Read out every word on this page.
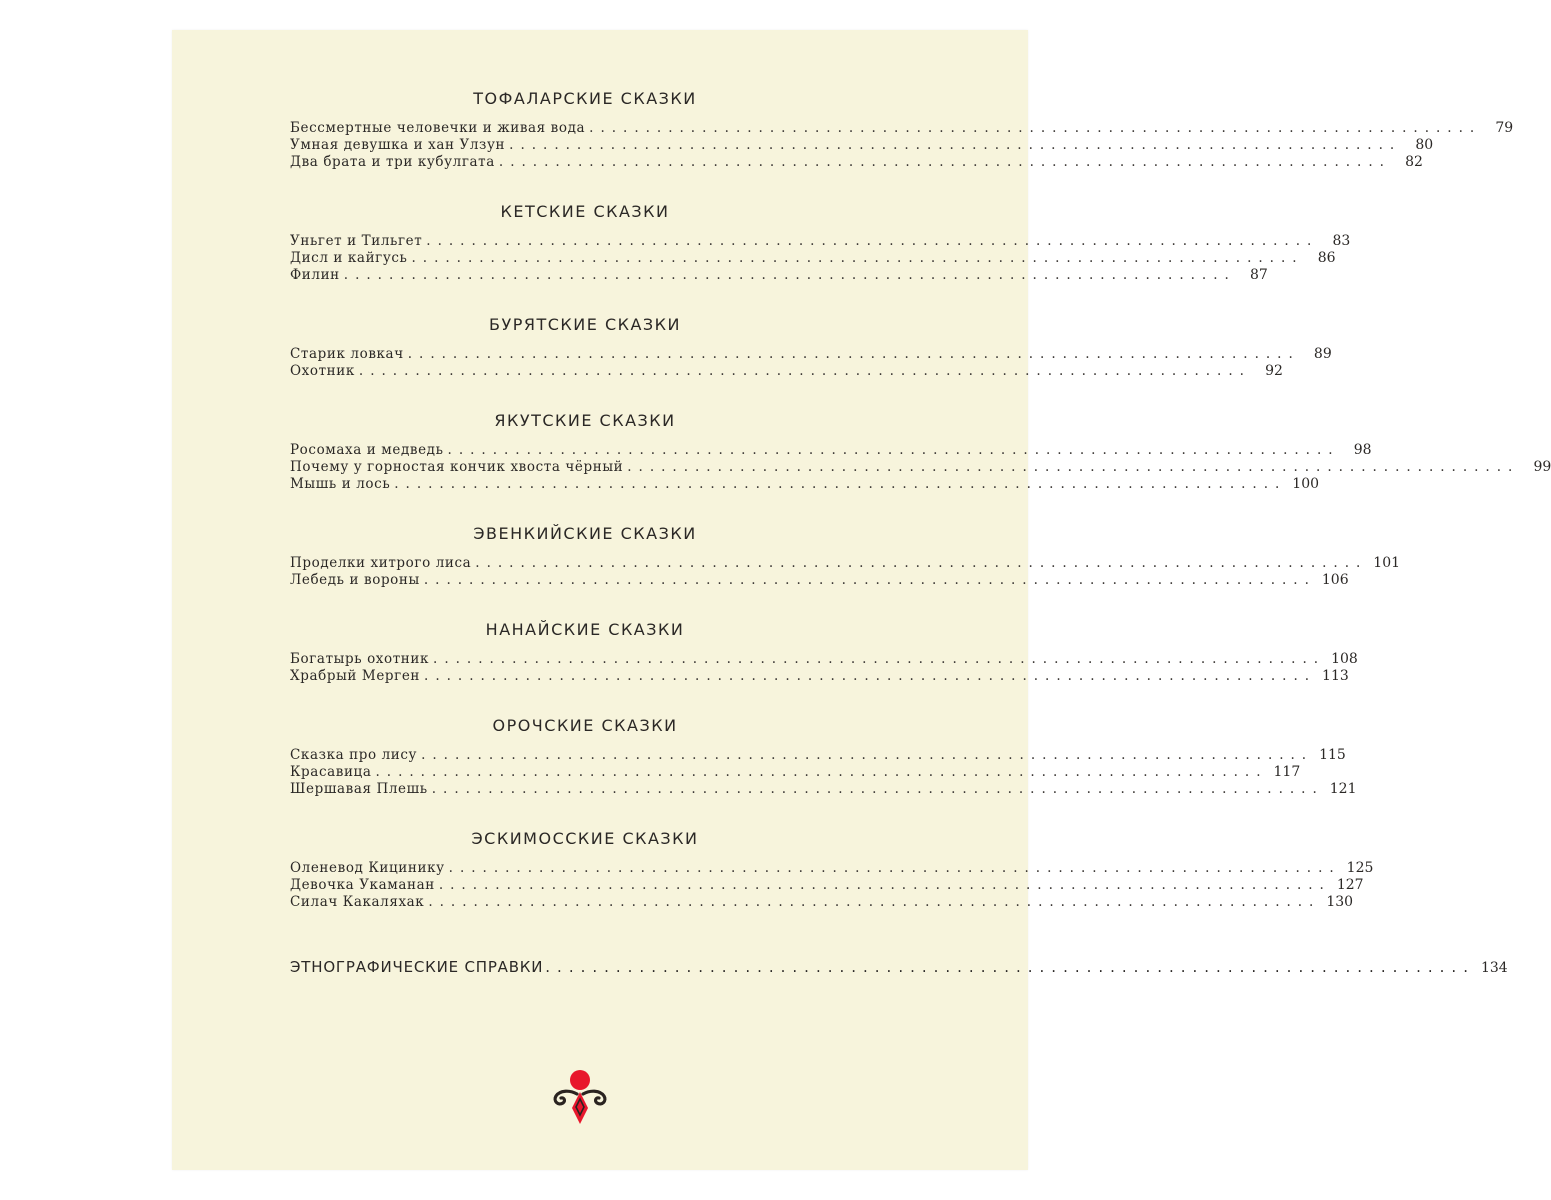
ТОФАЛАРСКИЕ СКАЗКИ
Бессмертные человечки и живая вода ...............................................................................	79
Умная девушка и хан Улзун ...............................................................................	80
Два брата и три кубулгата ...............................................................................	82
КЕТСКИЕ СКАЗКИ
Уньгет и Тильгет ...............................................................................	83
Дисл и кайгусь ...............................................................................	86
Филин ...............................................................................	87
БУРЯТСКИЕ СКАЗКИ
Старик ловкач ...............................................................................	89
Охотник ...............................................................................	92
ЯКУТСКИЕ СКАЗКИ
Росомаха и медведь ...............................................................................	98
Почему у горностая кончик хвоста чёрный ...............................................................................	99
Мышь и лось ............................................................................... 100
ЭВЕНКИЙСКИЕ СКАЗКИ
Проделки хитрого лиса ............................................................................... 101
Лебедь и вороны ............................................................................... 106
НАНАЙСКИЕ СКАЗКИ
Богатырь охотник ............................................................................... 108
Храбрый Мерген ............................................................................... 113
ОРОЧСКИЕ СКАЗКИ
Сказка про лису ............................................................................... 115
Красавица ............................................................................... 117
Шершавая Плешь ............................................................................... 121
ЭСКИМОССКИЕ СКАЗКИ
Оленевод Кицинику ............................................................................... 125
Девочка Укаманан ............................................................................... 127
Силач Какаляхак ............................................................................... 130
ЭТНОГРАФИЧЕСКИЕ СПРАВКИ ............................................................................... 134
